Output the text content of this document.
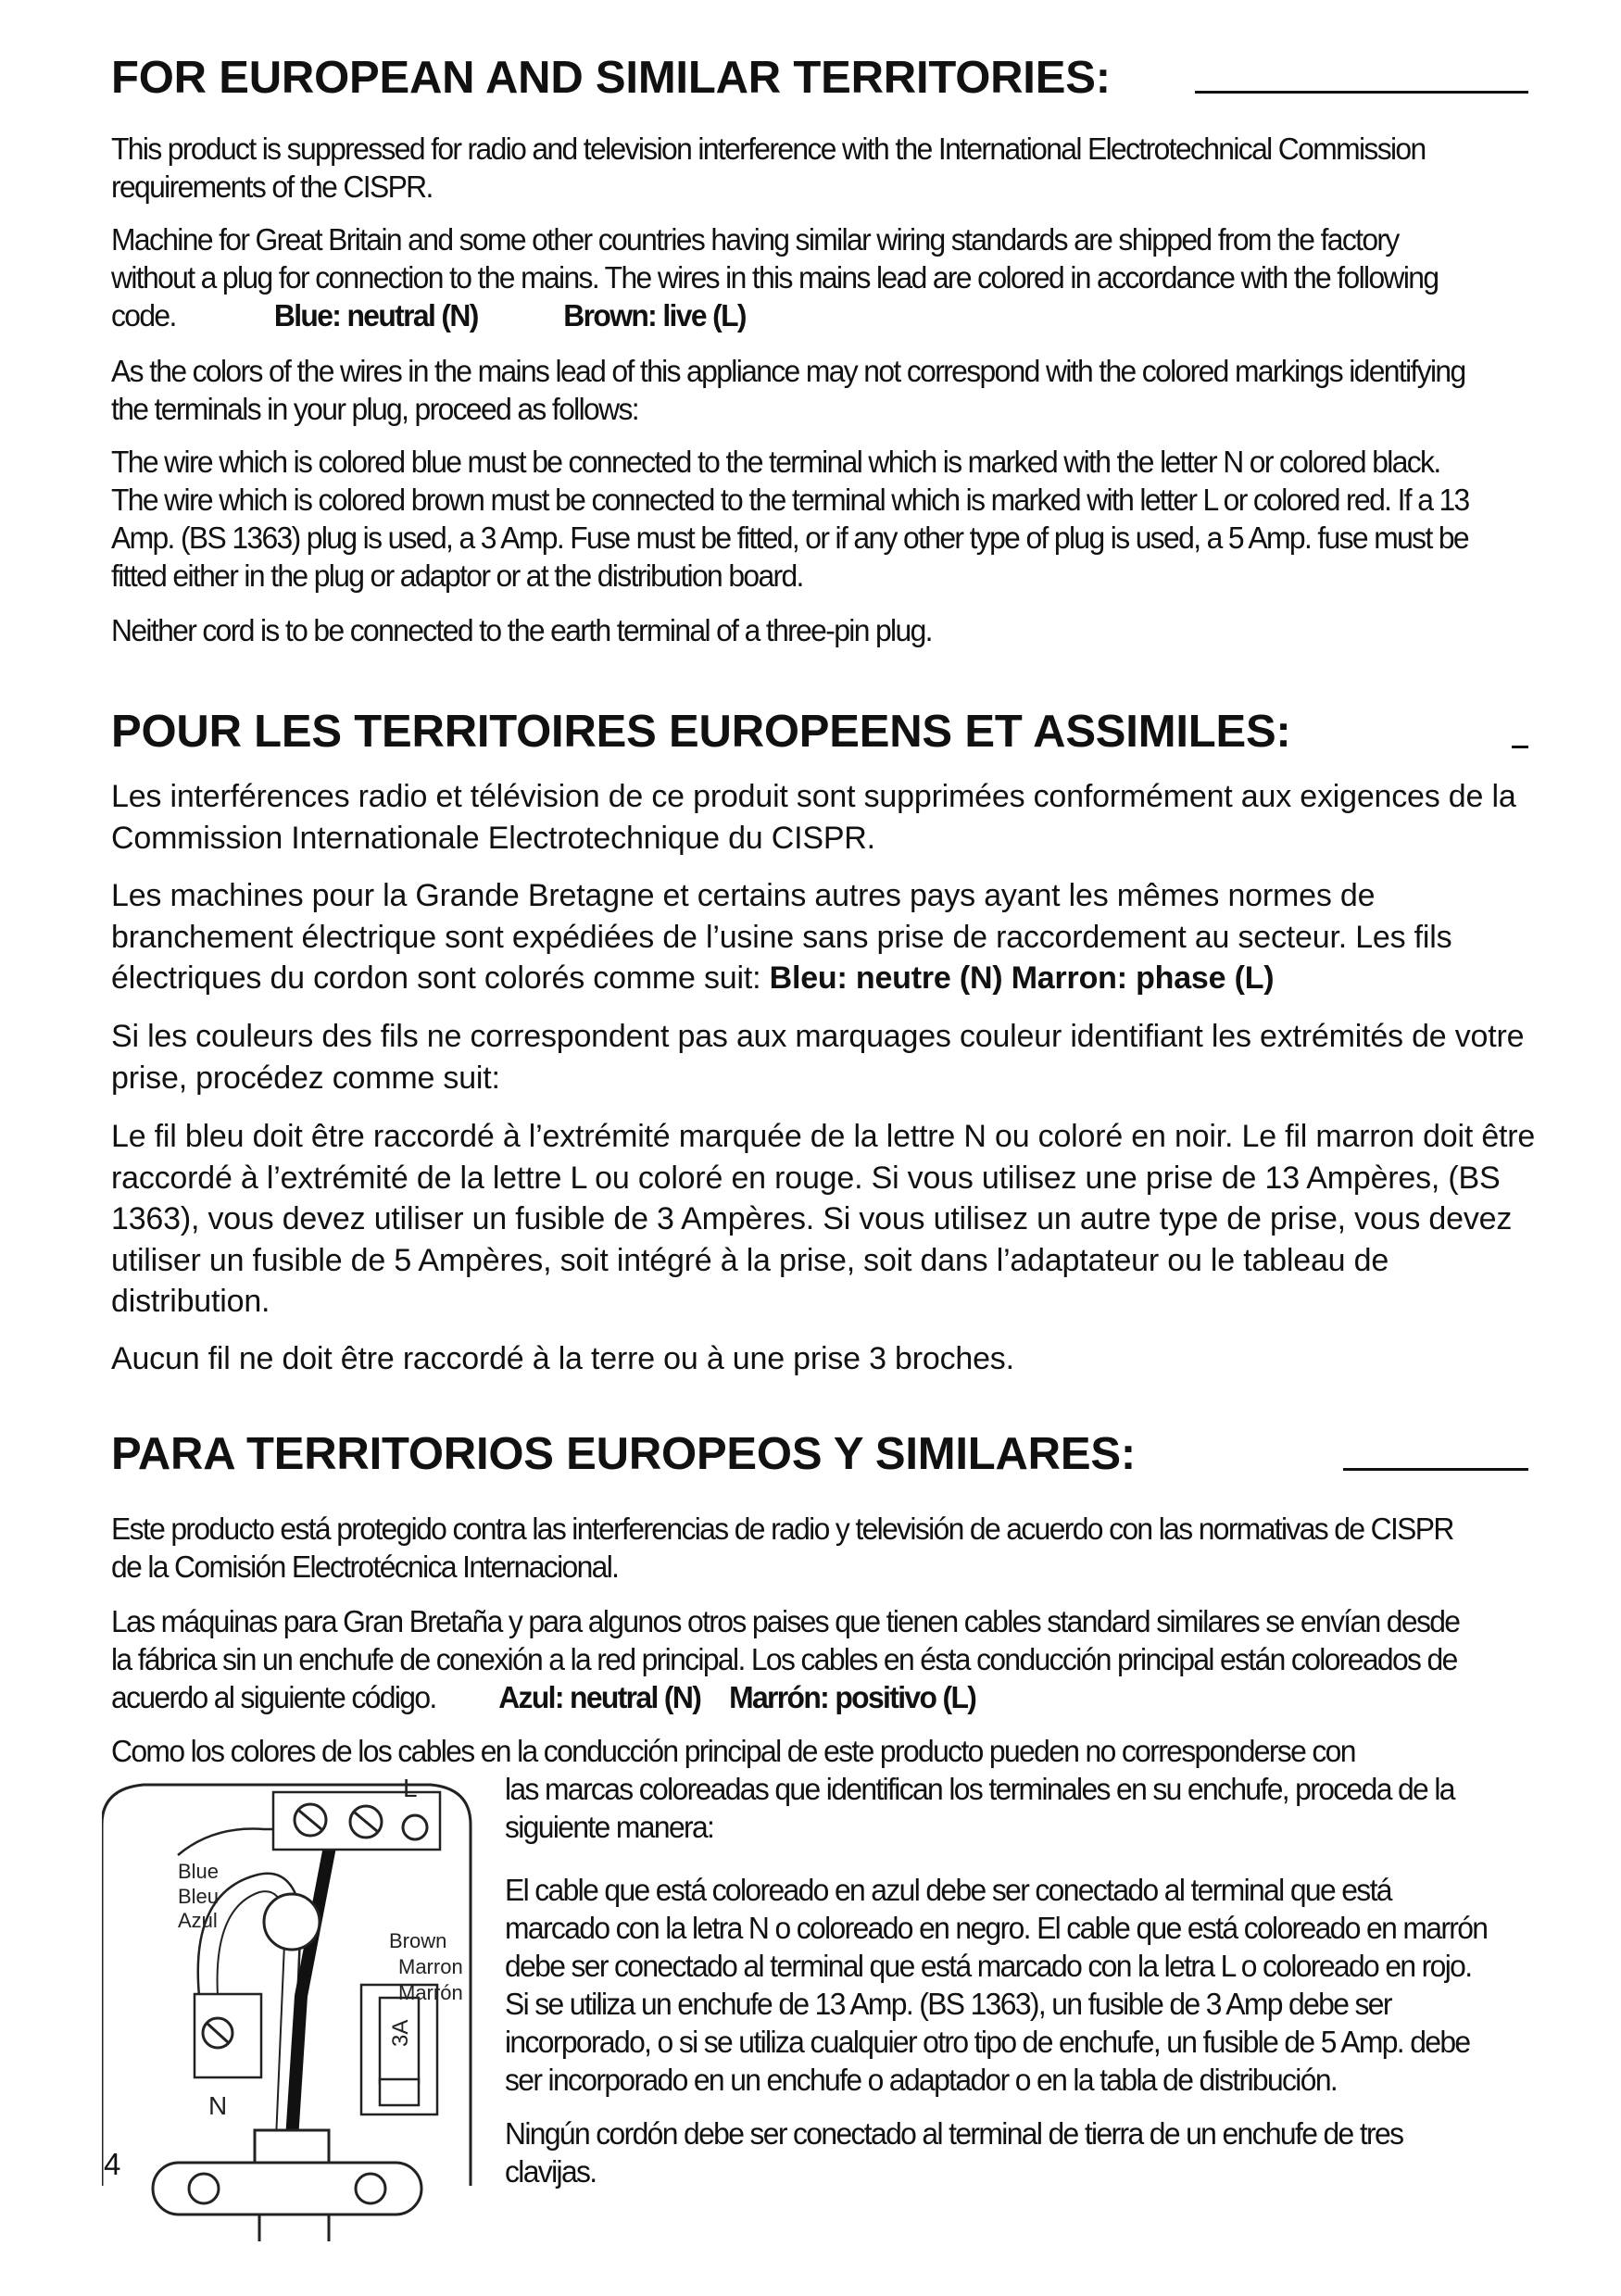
FOR EUROPEAN AND SIMILAR TERRITORIES:

This product is suppressed for radio and television interference with the International Electrotechnical Commission requirements of the CISPR.

Machine for Great Britain and some other countries having similar wiring standards are shipped from the factory without a plug for connection to the mains. The wires in this mains lead are colored in accordance with the following code.	Blue: neutral (N)	Brown: live (L)

As the colors of the wires in the mains lead of this appliance may not correspond with the colored markings identifying the terminals in your plug, proceed as follows:

The wire which is colored blue must be connected to the terminal which is marked with the letter N or colored black. The wire which is colored brown must be connected to the terminal which is marked with letter L or colored red. If a 13 Amp. (BS 1363) plug is used, a 3 Amp. Fuse must be fitted, or if any other type of plug is used, a 5 Amp. fuse must be fitted either in the plug or adaptor or at the distribution board.

Neither cord is to be connected to the earth terminal of a three-pin plug.

POUR LES TERRITOIRES EUROPEENS ET ASSIMILES:

Les interférences radio et télévision de ce produit sont supprimées conformément aux exigences de la Commission Internationale Electrotechnique du CISPR.

Les machines pour la Grande Bretagne et certains autres pays ayant les mêmes normes de branchement électrique sont expédiées de l’usine sans prise de raccordement au secteur. Les fils électriques du cordon sont colorés comme suit: Bleu: neutre (N) Marron: phase (L)

Si les couleurs des fils ne correspondent pas aux marquages couleur identifiant les extrémités de votre prise, procédez comme suit:

Le fil bleu doit être raccordé à l’extrémité marquée de la lettre N ou coloré en noir. Le fil marron doit être raccordé à l’extrémité de la lettre L ou coloré en rouge. Si vous utilisez une prise de 13 Ampères, (BS 1363), vous devez utiliser un fusible de 3 Ampères. Si vous utilisez un autre type de prise, vous devez utiliser un fusible de 5 Ampères, soit intégré à la prise, soit dans l’adaptateur ou le tableau de distribution.

Aucun fil ne doit être raccordé à la terre ou à une prise 3 broches.

PARA TERRITORIOS EUROPEOS Y SIMILARES:

Este producto está protegido contra las interferencias de radio y televisión de acuerdo con las normativas de CISPR de la Comisión Electrotécnica Internacional.

Las máquinas para Gran Bretaña y para algunos otros paises que tienen cables standard similares se envían desde la fábrica sin un enchufe de conexión a la red principal. Los cables en ésta conducción principal están coloreados de acuerdo al siguiente código. Azul: neutral (N) Marrón: positivo (L)

Como los colores de los cables en la conducción principal de este producto pueden no corresponderse con

las marcas coloreadas que identifican los terminales en su enchufe, proceda de la siguiente manera:

El cable que está coloreado en azul debe ser conectado al terminal que está marcado con la letra N o coloreado en negro. El cable que está coloreado en marrón debe ser conectado al terminal que está marcado con la letra L o coloreado en rojo. Si se utiliza un enchufe de 13 Amp. (BS 1363), un fusible de 3 Amp debe ser incorporado, o si se utiliza cualquier otro tipo de enchufe, un fusible de 5 Amp. debe ser incorporado en un enchufe o adaptador o en la tabla de distribución.

Ningún cordón debe ser conectado al terminal de tierra de un enchufe de tres clavijas.

3A
Blue
Bleu
Azul
Brown
Marron
Marrón
L
N

4
